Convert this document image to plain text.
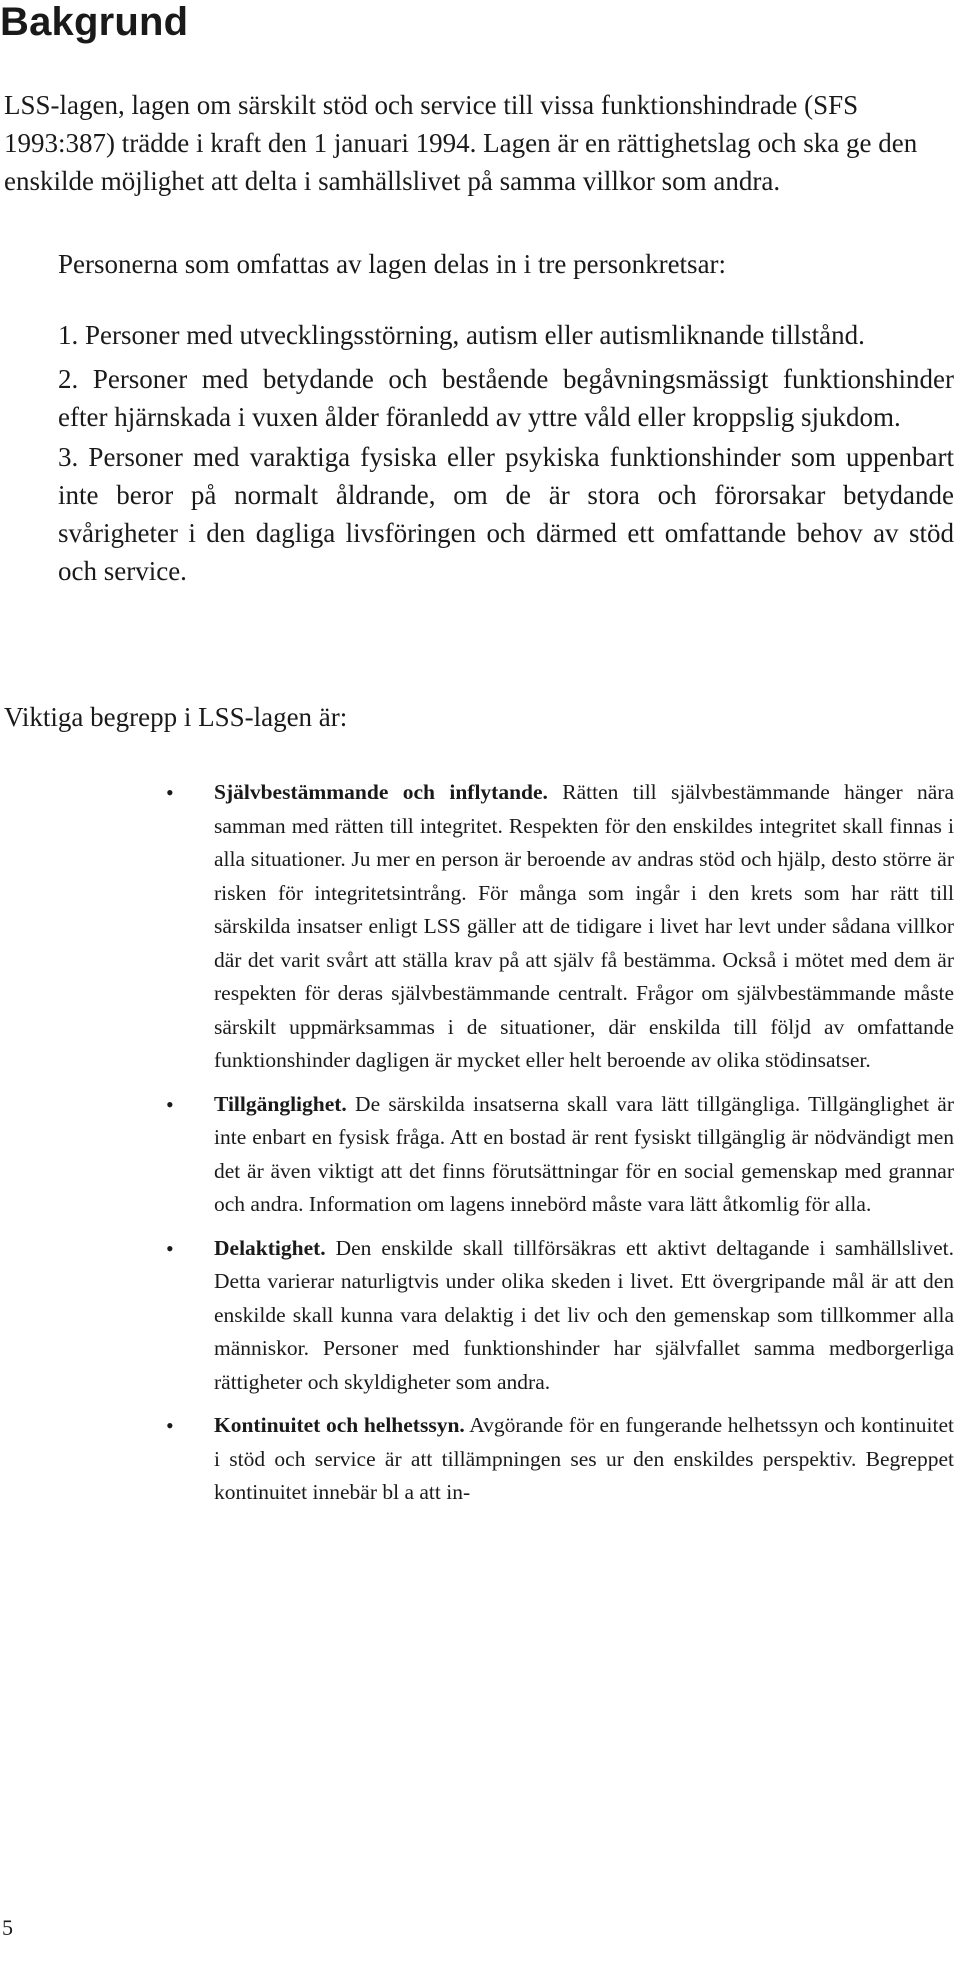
Bakgrund

LSS-lagen, lagen om särskilt stöd och service till vissa funktionshindrade (SFS 1993:387) trädde i kraft den 1 januari 1994. Lagen är en rättighetslag och ska ge den enskilde möjlighet att delta i samhällslivet på samma villkor som andra.

Personerna som omfattas av lagen delas in i tre personkretsar:

1. Personer med utvecklingsstörning, autism eller autismliknande tillstånd.
2. Personer med betydande och bestående begåvningsmässigt funktionshinder efter hjärnskada i vuxen ålder föranledd av yttre våld eller kroppslig sjukdom.
3. Personer med varaktiga fysiska eller psykiska funktionshinder som uppenbart inte beror på normalt åldrande, om de är stora och förorsakar betydande svårigheter i den dagliga livsföringen och därmed ett omfattande behov av stöd och service.

Viktiga begrepp i LSS-lagen är:

• Självbestämmande och inflytande. Rätten till självbestämmande hänger nära samman med rätten till integritet. Respekten för den enskildes integritet skall finnas i alla situationer. Ju mer en person är beroende av andras stöd och hjälp, desto större är risken för integritetsintrång. För många som ingår i den krets som har rätt till särskilda insatser enligt LSS gäller att de tidigare i livet har levt under sådana villkor där det varit svårt att ställa krav på att själv få bestämma. Också i mötet med dem är respekten för deras självbestämmande centralt. Frågor om självbestämmande måste särskilt uppmärksammas i de situationer, där enskilda till följd av omfattande funktionshinder dagligen är mycket eller helt beroende av olika stödinsatser.
• Tillgänglighet. De särskilda insatserna skall vara lätt tillgängliga. Tillgänglighet är inte enbart en fysisk fråga. Att en bostad är rent fysiskt tillgänglig är nödvändigt men det är även viktigt att det finns förutsättningar för en social gemenskap med grannar och andra. Information om lagens innebörd måste vara lätt åtkomlig för alla.
• Delaktighet. Den enskilde skall tillförsäkras ett aktivt deltagande i samhällslivet. Detta varierar naturligtvis under olika skeden i livet. Ett övergripande mål är att den enskilde skall kunna vara delaktig i det liv och den gemenskap som tillkommer alla människor. Personer med funktionshinder har självfallet samma medborgerliga rättigheter och skyldigheter som andra.
• Kontinuitet och helhetssyn. Avgörande för en fungerande helhetssyn och kontinuitet i stöd och service är att tillämpningen ses ur den enskildes perspektiv. Begreppet kontinuitet innebär bl a att in-

5
